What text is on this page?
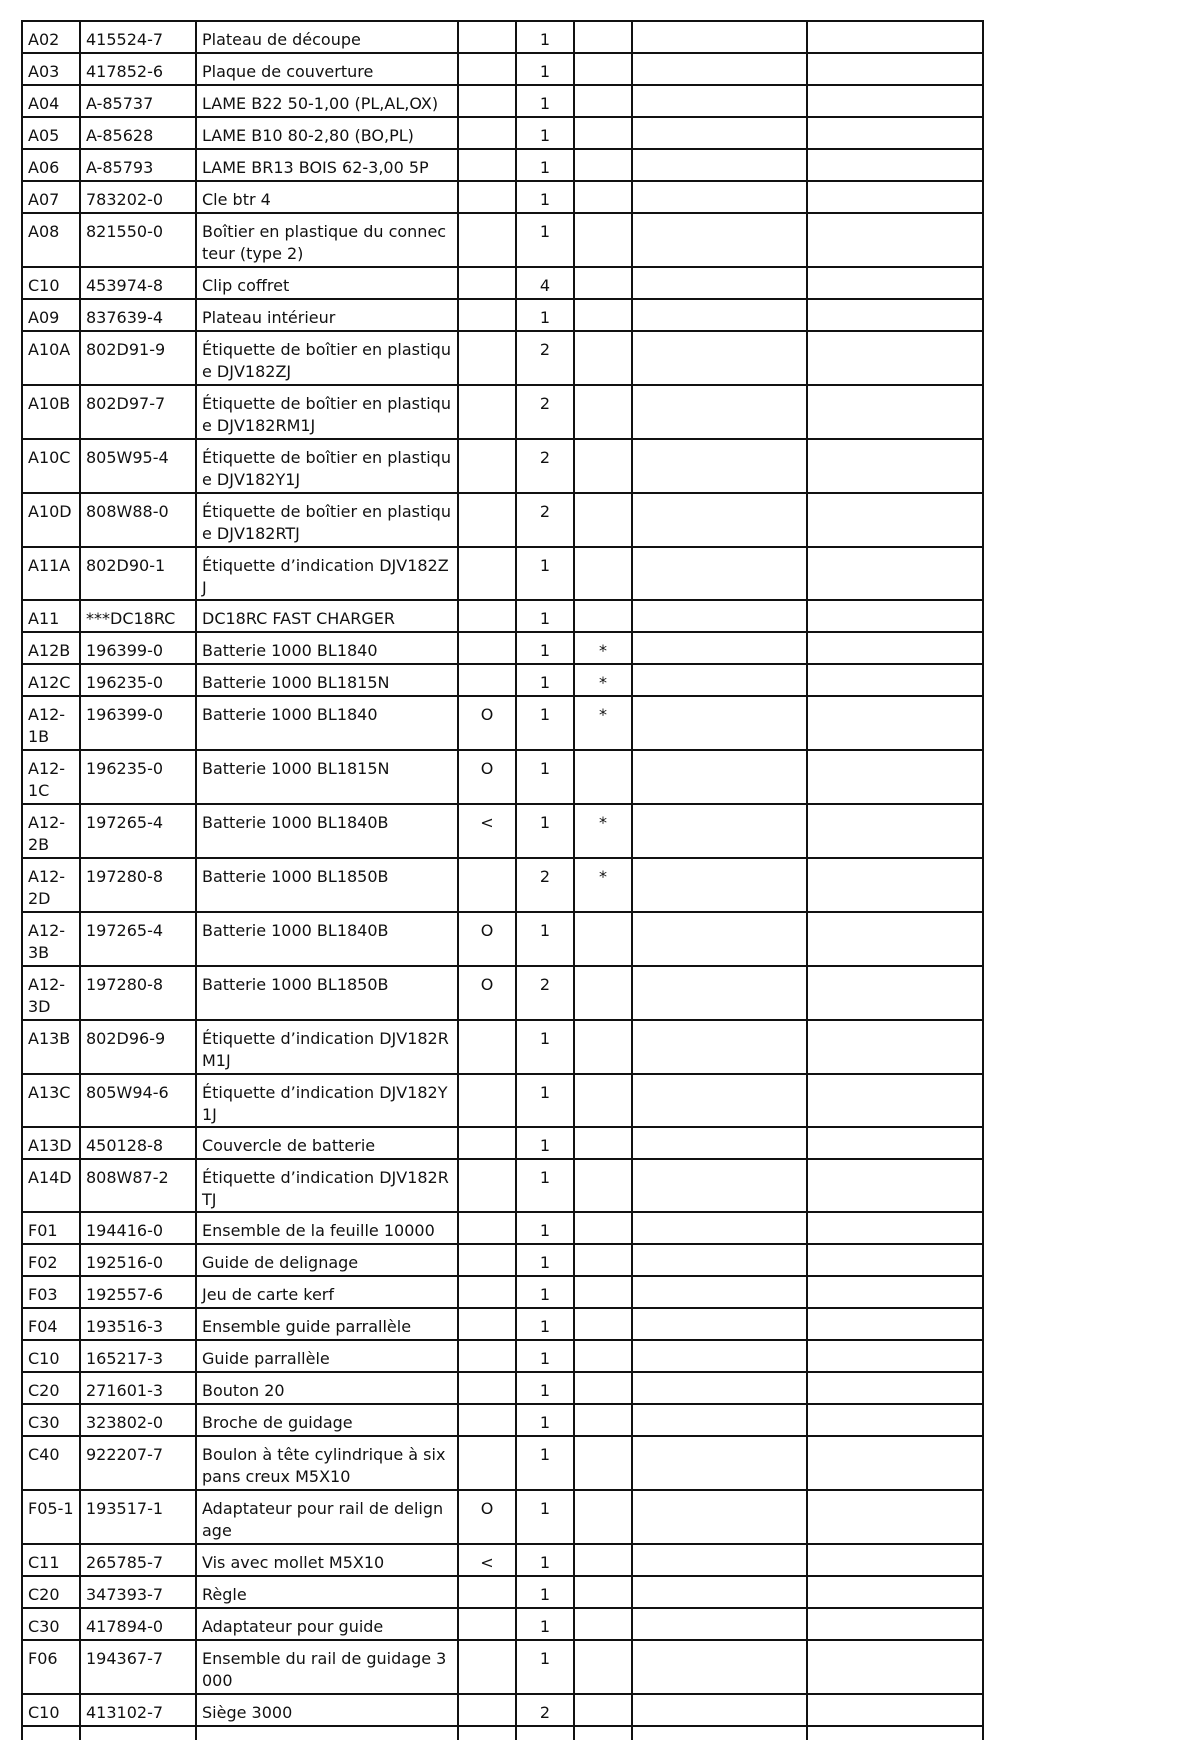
A02	415524-7	Plateau de découpe		1			
A03	417852-6	Plaque de couverture		1			
A04	A-85737	LAME B22 50-1,00 (PL,AL,OX)		1			
A05	A-85628	LAME B10 80-2,80 (BO,PL)		1			
A06	A-85793	LAME BR13 BOIS 62-3,00 5P		1			
A07	783202-0	Cle btr 4		1			
A08	821550-0	Boîtier en plastique du connecteur (type 2)		1			
C10	453974-8	Clip coffret		4			
A09	837639-4	Plateau intérieur		1			
A10A	802D91-9	Étiquette de boîtier en plastique DJV182ZJ		2			
A10B	802D97-7	Étiquette de boîtier en plastique DJV182RM1J		2			
A10C	805W95-4	Étiquette de boîtier en plastique DJV182Y1J		2			
A10D	808W88-0	Étiquette de boîtier en plastique DJV182RTJ		2			
A11A	802D90-1	Étiquette d’indication DJV182ZJ		1			
A11	***DC18RC	DC18RC FAST CHARGER		1			
A12B	196399-0	Batterie 1000 BL1840		1	*		
A12C	196235-0	Batterie 1000 BL1815N		1	*		
A12-1B	196399-0	Batterie 1000 BL1840	O	1	*		
A12-1C	196235-0	Batterie 1000 BL1815N	O	1			
A12-2B	197265-4	Batterie 1000 BL1840B	<	1	*		
A12-2D	197280-8	Batterie 1000 BL1850B		2	*		
A12-3B	197265-4	Batterie 1000 BL1840B	O	1			
A12-3D	197280-8	Batterie 1000 BL1850B	O	2			
A13B	802D96-9	Étiquette d’indication DJV182RM1J		1			
A13C	805W94-6	Étiquette d’indication DJV182Y1J		1			
A13D	450128-8	Couvercle de batterie		1			
A14D	808W87-2	Étiquette d’indication DJV182RTJ		1			
F01	194416-0	Ensemble de la feuille 10000		1			
F02	192516-0	Guide de delignage		1			
F03	192557-6	Jeu de carte kerf		1			
F04	193516-3	Ensemble guide parrallèle		1			
C10	165217-3	Guide parrallèle		1			
C20	271601-3	Bouton 20		1			
C30	323802-0	Broche de guidage		1			
C40	922207-7	Boulon à tête cylindrique à six pans creux M5X10		1			
F05-1	193517-1	Adaptateur pour rail de delignage	O	1			
C11	265785-7	Vis avec mollet M5X10	<	1			
C20	347393-7	Règle		1			
C30	417894-0	Adaptateur pour guide		1			
F06	194367-7	Ensemble du rail de guidage 3000		1			
C10	413102-7	Siège 3000		2			
